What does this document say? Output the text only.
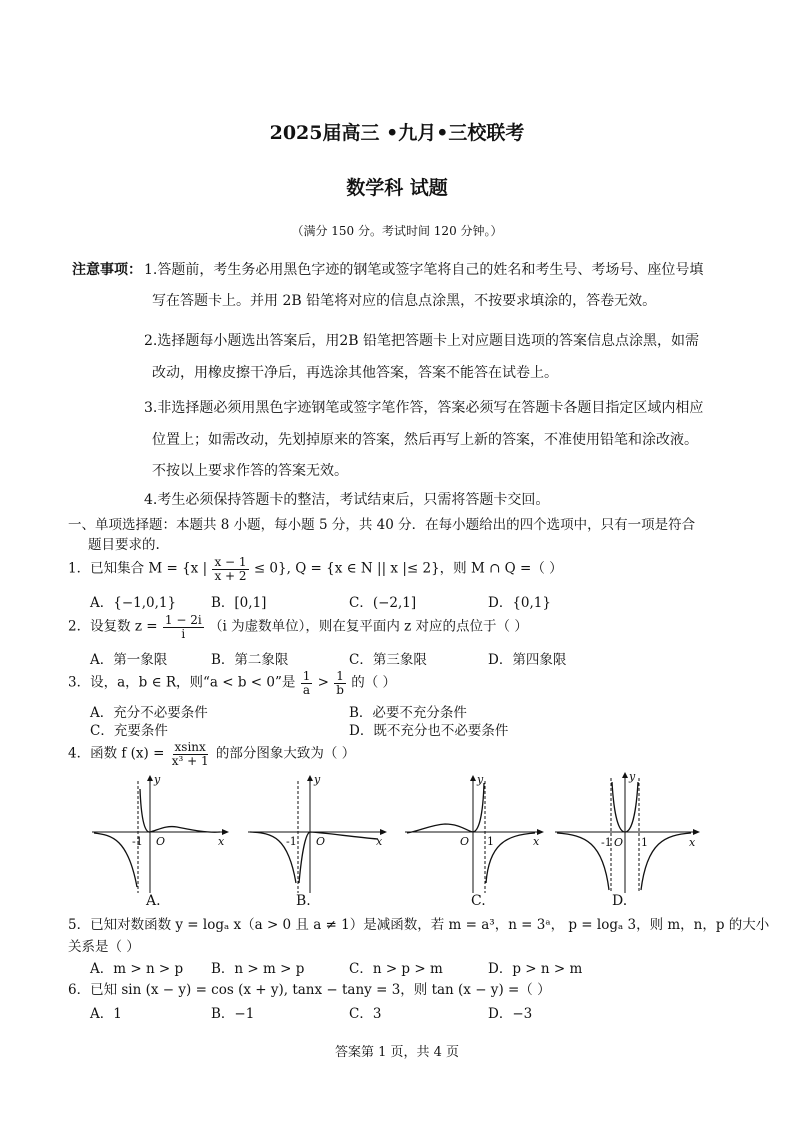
2025届高三 •九月•三校联考
数学科 试题
（满分 150 分。考试时间 120 分钟。）
注意事项： 1.答题前，考生务必用黑色字迹的钢笔或签字笔将自己的姓名和考生号、考场号、座位号填
写在答题卡上。并用 2B 铅笔将对应的信息点涂黑，不按要求填涂的，答卷无效。
2.选择题每小题选出答案后，用2B 铅笔把答题卡上对应题目选项的答案信息点涂黑，如需
改动，用橡皮擦干净后，再选涂其他答案，答案不能答在试卷上。
3.非选择题必须用黑色字迹钢笔或签字笔作答，答案必须写在答题卡各题目指定区域内相应
位置上；如需改动，先划掉原来的答案，然后再写上新的答案，不准使用铅笔和涂改液。
不按以上要求作答的答案无效。
4.考生必须保持答题卡的整洁，考试结束后，只需将答题卡交回。
一、单项选择题：本题共 8 小题，每小题 5 分，共 40 分．在每小题给出的四个选项中，只有一项是符合
题目要求的.
1．已知集合 M = {x | $\frac{x - 1}{x + 2} \le 0$}, Q = {x ∈ N || x |≤ 2}，则 M ∩ Q =（ ）
A．{−1,0,1}	B．[0,1]	C．(−2,1]	D．{0,1}
2．设复数 $z = \frac{1 - 2i}{i} (i$ 为虚数单位），则在复平面内 z 对应的点位于（ ）
A．第一象限	B．第二象限	C．第三象限	D．第四象限
3．设，a，b ∈ R，则“a < b < 0”是 $\frac{1}{a} > \frac{1}{b}$ 的（ ）
A．充分不必要条件	B．必要不充分条件
C．充要条件	D．既不充分也不必要条件
4．函数 f $(x) = \frac{xsinx}{\text{x³ + 1}}$ 的部分图象大致为（ ）
y
x
O
-1
A.
y
x
O
-1
B.
y
x
O 1
C.
y
x
O
-1	1
D.
5．已知对数函数 y = logₐ x（a > 0 且 a ≠ 1）是减函数，若 m = a³，n = 3ᵃ， p = logₐ 3，则 m，n，p 的大小
关系是（ ）
A．m > n > p B．n > m > p	C．n > p > m	D．p > n > m
6．已知 sin (x − y) = cos (x + y), tanx − tany = 3，则 tan (x − y) =（ ）
A．1	B．−1	C．3	D．−3
答案第 1 页，共 4 页
